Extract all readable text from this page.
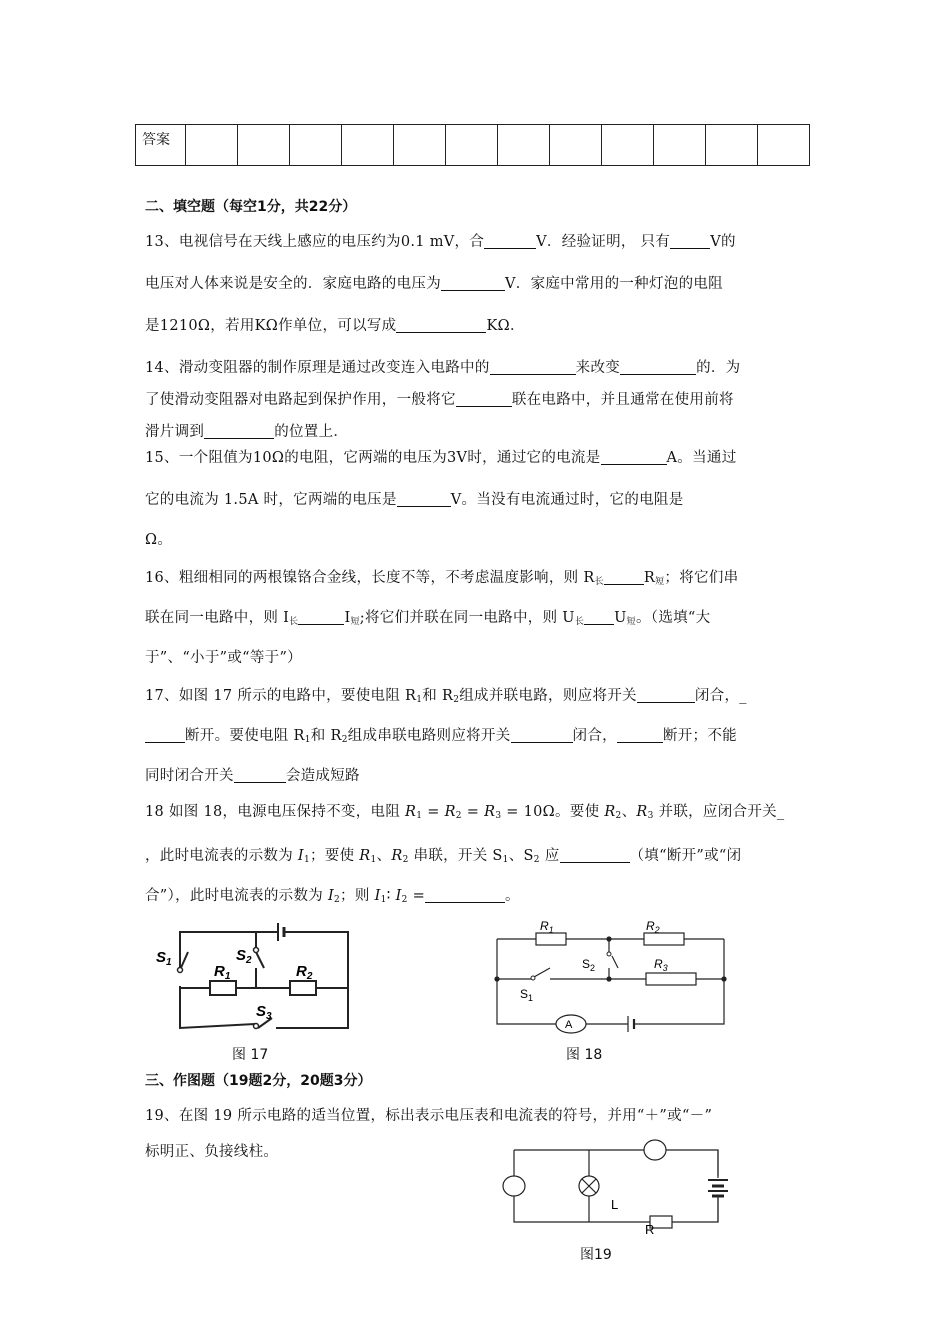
答案												
二、填空题（每空1分，共22分）
13、电视信号在天线上感应的电压约为0.1 mV，合	V．经验证明， 只有	V的
电压对人体来说是安全的．家庭电路的电压为	V．家庭中常用的一种灯泡的电阻
是1210Ω，若用KΩ作单位，可以写成	KΩ．
14、滑动变阻器的制作原理是通过改变连入电路中的	来改变	的．为
了使滑动变阻器对电路起到保护作用，一般将它	联在电路中，并且通常在使用前将
滑片调到	的位置上．
15、一个阻值为10Ω的电阻，它两端的电压为3V时，通过它的电流是	A。当通过
它的电流为 1.5A 时，它两端的电压是	V。当没有电流通过时，它的电阻是
Ω。
16、粗细相同的两根镍铬合金线，长度不等，不考虑温度影响，则 $R_长$	$R_短$；将它们串
联在同一电路中，则 $I_长$	$I_短$;将它们并联在同一电路中，则 $U_长$ $U_短$。（选填“大
于”、“小于”或“等于”）
17、如图 17 所示的电路中，要使电阻 $R_1$和 $R_2$组成并联电路，则应将开关	闭合，_
断开。要使电阻 $R_1$和 $R_2$组成串联电路则应将开关	闭合，	断开；不能
同时闭合开关	会造成短路
18 如图 18，电源电压保持不变，电阻 $R_1 = R_2 = R_3 = 10\Omega$。要使 $R_2$、$R_3$ 并联，应闭合开关_
，此时电流表的示数为 $I_1$；要使 $R_1$、$R_2$ 串联，开关 $S_1$、$S_2$ 应	（填“断开”或“闭
合”），此时电流表的示数为 $I_2$；则 $I_1∶$ $I_2$ =	。
$S_1$	$S_2$
$R_1$	$R_2$
$S_3$
图 17
A
$R_1$	$R_2$
$R_3$
$S_2$
$S_1$
图 18
三、作图题（19题2分，20题3分）
19、在图 19 所示电路的适当位置，标出表示电压表和电流表的符号，并用“＋”或“－”
标明正、负接线柱。
L
R
图19
